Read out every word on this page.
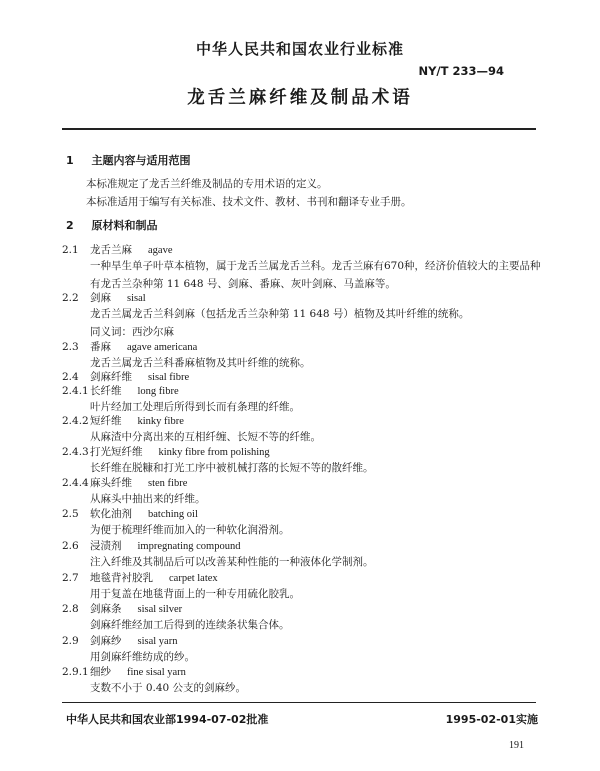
中华人民共和国农业行业标准
NY/T 233—94
龙舌兰麻纤维及制品术语
1 主题内容与适用范围
本标准规定了龙舌兰纤维及制品的专用术语的定义。
本标准适用于编写有关标准、技术文件、教材、书刊和翻译专业手册。
2 原材料和制品
2.1 龙舌兰麻 agave
一种旱生单子叶草本植物，属于龙舌兰属龙舌兰科。龙舌兰麻有670种，经济价值较大的主要品种
有龙舌兰杂种第 11 648 号、剑麻、番麻、灰叶剑麻、马盖麻等。
2.2 剑麻 sisal
龙舌兰属龙舌兰科剑麻（包括龙舌兰杂种第 11 648 号）植物及其叶纤维的统称。
同义词：西沙尔麻
2.3 番麻 agave americana
龙舌兰属龙舌兰科番麻植物及其叶纤维的统称。
2.4 剑麻纤维 sisal fibre
2.4.1长纤维 long fibre
叶片经加工处理后所得到长而有条理的纤维。
2.4.2短纤维 kinky fibre
从麻渣中分离出来的互相纤缠、长短不等的纤维。
2.4.3打光短纤维 kinky fibre from polishing
长纤维在脱糠和打光工序中被机械打落的长短不等的散纤维。
2.4.4麻头纤维 sten fibre
从麻头中抽出来的纤维。
2.5 软化油剂 batching oil
为便于梳理纤维而加入的一种软化润滑剂。
2.6 浸渍剂 impregnating compound
注入纤维及其制品后可以改善某种性能的一种液体化学制剂。
2.7 地毯背衬胶乳 carpet latex
用于复盖在地毯背面上的一种专用硫化胶乳。
2.8 剑麻条 sisal silver
剑麻纤维经加工后得到的连续条状集合体。
2.9 剑麻纱 sisal yarn
用剑麻纤维纺成的纱。
2.9.1细纱 fine sisal yarn
支数不小于 0.40 公支的剑麻纱。
中华人民共和国农业部1994-07-02批准	1995-02-01实施
191
